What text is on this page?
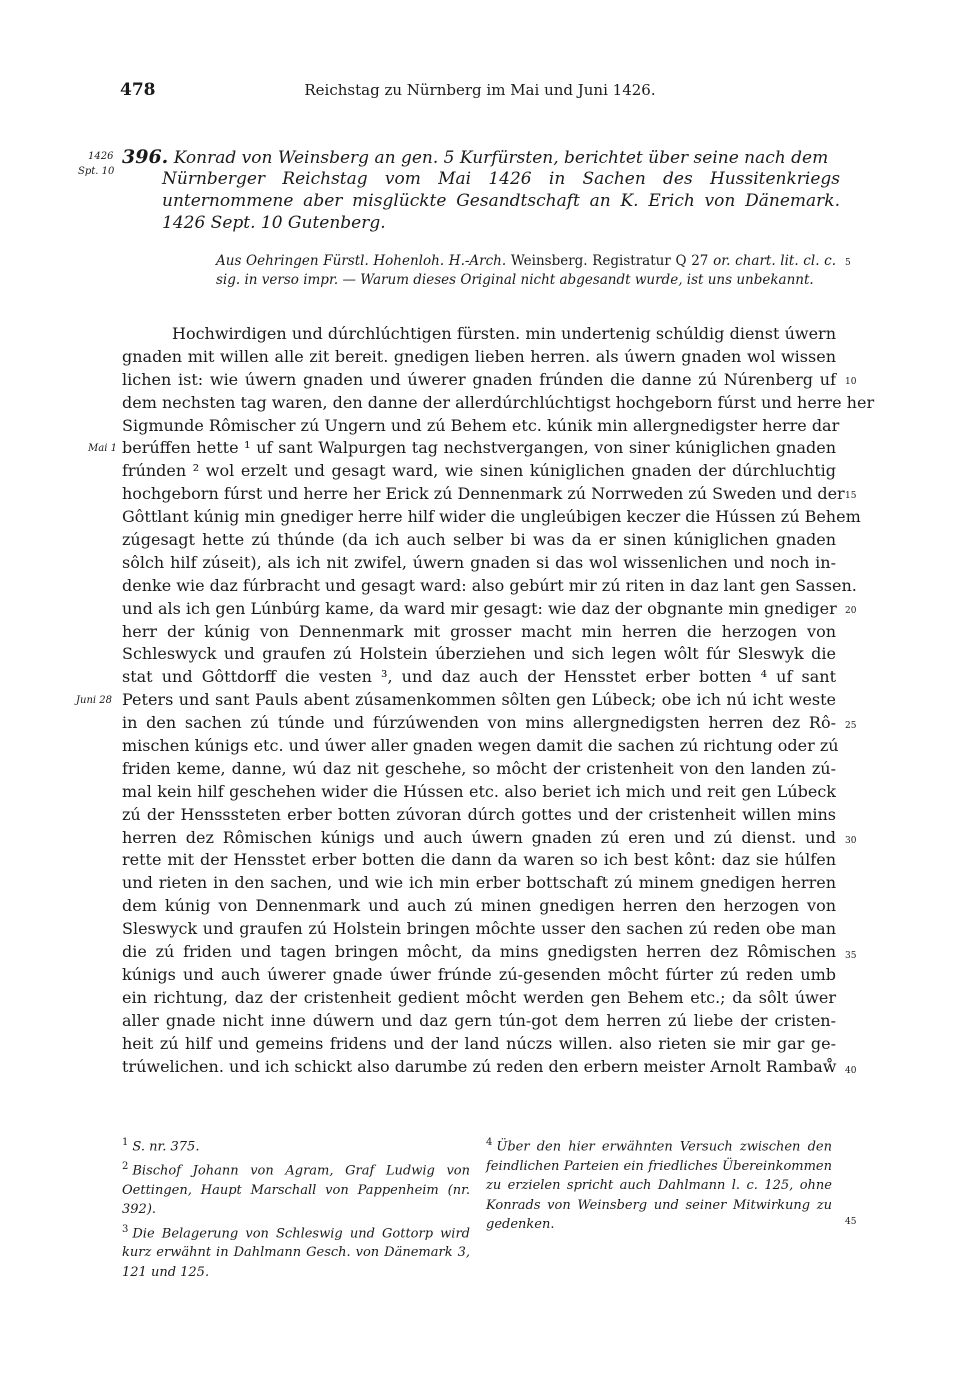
478	Reichstag zu Nürnberg im Mai und Juni 1426.
1426
Spt. 10
Mai 1
Juni 28
5
10
15
20
25
30
35
40
45
396. Konrad von Weinsberg an gen. 5 Kurfürsten, berichtet über seine nach dem
Nürnberger Reichstag vom Mai 1426 in Sachen des Hussitenkriegs unternommene aber misglückte Gesandtschaft an K. Erich von Dänemark. 1426 Sept. 10 Gutenberg.
Aus Oehringen Fürstl. Hohenloh. H.-Arch. Weinsberg. Registratur Q 27 or. chart. lit. cl. c. sig. in verso impr. — Warum dieses Original nicht abgesandt wurde, ist uns unbekannt.
Hochwirdigen und dúrchlúchtigen fürsten. min undertenig schúldig dienst úwern
gnaden mit willen alle zit bereit. gnedigen lieben herren. als úwern gnaden wol wissen
lichen ist: wie úwern gnaden und úwerer gnaden frúnden die danne zú Núrenberg uf
dem nechsten tag waren, den danne der allerdúrchlúchtigst hochgeborn fúrst und herre her
Sigmunde Rômischer zú Ungern und zú Behem etc. kúnik min allergnedigster herre dar
berúffen hette ¹ uf sant Walpurgen tag nechstvergangen, von siner kúniglichen gnaden
frúnden ² wol erzelt und gesagt ward, wie sinen kúniglichen gnaden der dúrchluchtig
hochgeborn fúrst und herre her Erick zú Dennenmark zú Norrweden zú Sweden und der
Gôttlant kúnig min gnediger herre hilf wider die ungleúbigen keczer die Hússen zú Behem
zúgesagt hette zú thúnde (da ich auch selber bi was da er sinen kúniglichen gnaden
sôlch hilf zúseit), als ich nit zwifel, úwern gnaden si das wol wissenlichen und noch in-
denke wie daz fúrbracht und gesagt ward: also gebúrt mir zú riten in daz lant gen Sassen.
und als ich gen Lúnbúrg kame, da ward mir gesagt: wie daz der obgnante min gnediger
herr der kúnig von Dennenmark mit grosser macht min herren die herzogen von
Schleswyck und graufen zú Holstein úberziehen und sich legen wôlt fúr Sleswyk die
stat und Gôttdorff die vesten ³, und daz auch der Hensstet erber botten ⁴ uf sant
Peters und sant Pauls abent zúsamenkommen sôlten gen Lúbeck; obe ich nú icht weste
in den sachen zú túnde und fúrzúwenden von mins allergnedigsten herren dez Rô-
mischen kúnigs etc. und úwer aller gnaden wegen damit die sachen zú richtung oder zú
friden keme, danne, wú daz nit geschehe, so môcht der cristenheit von den landen zú-
mal kein hilf geschehen wider die Hússen etc. also beriet ich mich und reit gen Lúbeck
zú der Hensssteten erber botten zúvoran dúrch gottes und der cristenheit willen mins
herren dez Rômischen kúnigs und auch úwern gnaden zú eren und zú dienst. und
rette mit der Hensstet erber botten die dann da waren so ich best kônt: daz sie húlfen
und rieten in den sachen, und wie ich min erber bottschaft zú minem gnedigen herren
dem kúnig von Dennenmark und auch zú minen gnedigen herren den herzogen von
Sleswyck und graufen zú Holstein bringen môchte usser den sachen zú reden obe man
die zú friden und tagen bringen môcht, da mins gnedigsten herren dez Rômischen
kúnigs und auch úwerer gnade úwer frúnde zú-gesenden môcht fúrter zú reden umb
ein richtung, daz der cristenheit gedient môcht werden gen Behem etc.; da sôlt úwer
aller gnade nicht inne dúwern und daz gern tún-got dem herren zú liebe der cristen-
heit zú hilf und gemeins fridens und der land núczs willen. also rieten sie mir gar ge-
trúwelichen. und ich schickt also darumbe zú reden den erbern meister Arnolt Rambaẘ
$^1$ S. nr. 375.
$^2$ Bischof Johann von Agram, Graf Ludwig von Oettingen, Haupt Marschall von Pappenheim (nr. 392).
$^3$ Die Belagerung von Schleswig und Gottorp wird kurz erwähnt in Dahlmann Gesch. von Dänemark 3, 121 und 125.
$^4$ Über den hier erwähnten Versuch zwischen den feindlichen Parteien ein friedliches Übereinkommen zu erzielen spricht auch Dahlmann l. c. 125, ohne Konrads von Weinsberg und seiner Mitwirkung zu gedenken.
